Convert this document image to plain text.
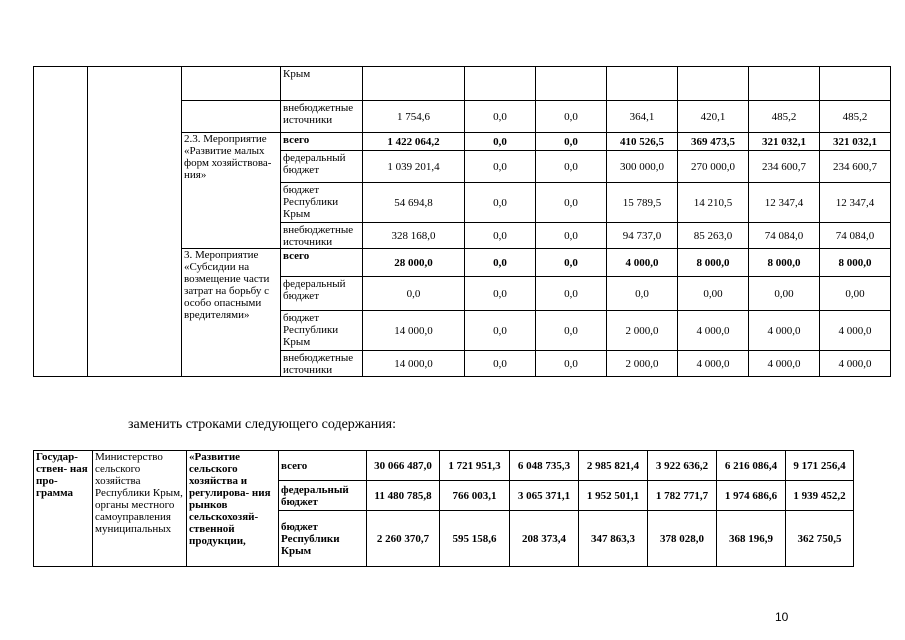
			Крым							
			внебюджетные источники	1 754,6	0,0	0,0	364,1	420,1	485,2	485,2
		2.3. Мероприятие «Развитие малых форм хозяйствова- ния»	всего	1 422 064,2	0,0	0,0	410 526,5	369 473,5	321 032,1	321 032,1
			федеральный бюджет	1 039 201,4	0,0	0,0	300 000,0	270 000,0	234 600,7	234 600,7
			бюджет Республики Крым	54 694,8	0,0	0,0	15 789,5	14 210,5	12 347,4	12 347,4
			внебюджетные источники	328 168,0	0,0	0,0	94 737,0	85 263,0	74 084,0	74 084,0
		3. Мероприятие «Субсидии на возмещение части затрат на борьбу с особо опасными вредителями»	всего	28 000,0	0,0	0,0	4 000,0	8 000,0	8 000,0	8 000,0
			федеральный бюджет	0,0	0,0	0,0	0,0	0,00	0,00	0,00
			бюджет Республики Крым	14 000,0	0,0	0,0	2 000,0	4 000,0	4 000,0	4 000,0
			внебюджетные источники	14 000,0	0,0	0,0	2 000,0	4 000,0	4 000,0	4 000,0
заменить строками следующего содержания:
Государ- ствен- ная про- грамма	Министерство сельского хозяйства Республики Крым, органы местного самоуправления муниципальных	«Развитие сельского хозяйства и регулирова- ния рынков сельскохозяй- ственной продукции,	всего	30 066 487,0	1 721 951,3	6 048 735,3	2 985 821,4	3 922 636,2	6 216 086,4	9 171 256,4
			федеральный бюджет	11 480 785,8	766 003,1	3 065 371,1	1 952 501,1	1 782 771,7	1 974 686,6	1 939 452,2
			бюджет Республики Крым	2 260 370,7	595 158,6	208 373,4	347 863,3	378 028,0	368 196,9	362 750,5
10
